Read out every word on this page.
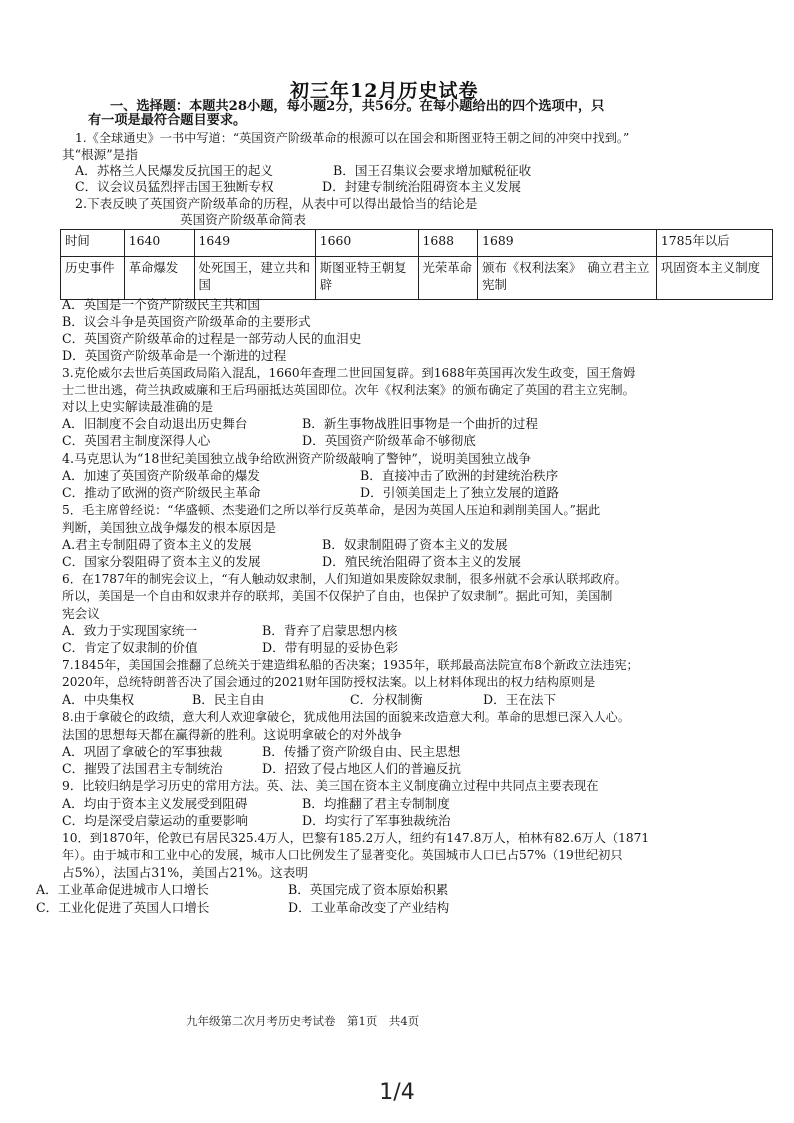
初三年12月历史试卷
一、选择题：本题共28小题，每小题2分，共56分。在每小题给出的四个选项中，只
有一项是最符合题目要求。
1.《全球通史》一书中写道：“英国资产阶级革命的根源可以在国会和斯图亚特王朝之间的冲突中找到。”
其“根源”是指
A．苏格兰人民爆发反抗国王的起义	B．国王召集议会要求增加赋税征收
C．议会议员猛烈抨击国王独断专权	D．封建专制统治阻碍资本主义发展
2.下表反映了英国资产阶级革命的历程，从表中可以得出最恰当的结论是
英国资产阶级革命简表
时间	1640	1649	1660	1688	1689	1785年以后
历史事件	革命爆发	处死国王，建立共和国	斯图亚特王朝复辟	光荣革命	颁布《权利法案》　确立君主立宪制	巩固资本主义制度
A．英国是一个资产阶级民主共和国
B．议会斗争是英国资产阶级革命的主要形式
C．英国资产阶级革命的过程是一部劳动人民的血泪史
D．英国资产阶级革命是一个渐进的过程
3.克伦威尔去世后英国政局陷入混乱，1660年查理二世回国复辟。到1688年英国再次发生政变，国王詹姆
士二世出逃，荷兰执政威廉和王后玛丽抵达英国即位。次年《权利法案》的颁布确定了英国的君主立宪制。
对以上史实解读最准确的是
A．旧制度不会自动退出历史舞台	B．新生事物战胜旧事物是一个曲折的过程
C．英国君主制度深得人心	D．英国资产阶级革命不够彻底
4.马克思认为“18世纪美国独立战争给欧洲资产阶级敲响了警钟”，说明美国独立战争
A．加速了英国资产阶级革命的爆发	B．直接冲击了欧洲的封建统治秩序
C．推动了欧洲的资产阶级民主革命	D．引领美国走上了独立发展的道路
5．毛主席曾经说：“华盛顿、杰斐逊们之所以举行反英革命，是因为英国人压迫和剥削美国人。”据此
判断，美国独立战争爆发的根本原因是
A.君主专制阻碍了资本主义的发展	B．奴隶制阻碍了资本主义的发展
C．国家分裂阻碍了资本主义的发展	D．殖民统治阻碍了资本主义的发展
6．在1787年的制宪会议上，“有人触动奴隶制，人们知道如果废除奴隶制，很多州就不会承认联邦政府。
所以，美国是一个自由和奴隶并存的联邦，美国不仅保护了自由，也保护了奴隶制”。据此可知，美国制
宪会议
A．致力于实现国家统一	B．背弃了启蒙思想内核
C．肯定了奴隶制的价值	D．带有明显的妥协色彩
7.1845年，美国国会推翻了总统关于建造缉私船的否决案；1935年，联邦最高法院宣布8个新政立法违宪；
2020年，总统特朗普否决了国会通过的2021财年国防授权法案。以上材料体现出的权力结构原则是
A．中央集权	B．民主自由	C．分权制衡	D．王在法下
8.由于拿破仑的政绩，意大利人欢迎拿破仑，犹成他用法国的面貌来改造意大利。革命的思想已深入人心。
法国的思想每天都在赢得新的胜利。这说明拿破仑的对外战争
A．巩固了拿破仑的军事独裁	B．传播了资产阶级自由、民主思想
C．摧毁了法国君主专制统治	D．招致了侵占地区人们的普遍反抗
9．比较归纳是学习历史的常用方法。英、法、美三国在资本主义制度确立过程中共同点主要表现在
A．均由于资本主义发展受到阻碍	B．均推翻了君主专制制度
C．均是深受启蒙运动的重要影响	D．均实行了军事独裁统治
10．到1870年，伦敦已有居民325.4万人，巴黎有185.2万人，纽约有147.8万人，柏林有82.6万人（1871
年）。由于城市和工业中心的发展，城市人口比例发生了显著变化。英国城市人口已占57%（19世纪初只
占5%），法国占31%，美国占21%。这表明
A．工业革命促进城市人口增长	B．英国完成了资本原始积累
C．工业化促进了英国人口增长	D．工业革命改变了产业结构
九年级第二次月考历史考试卷　第1页　共4页
1/4
